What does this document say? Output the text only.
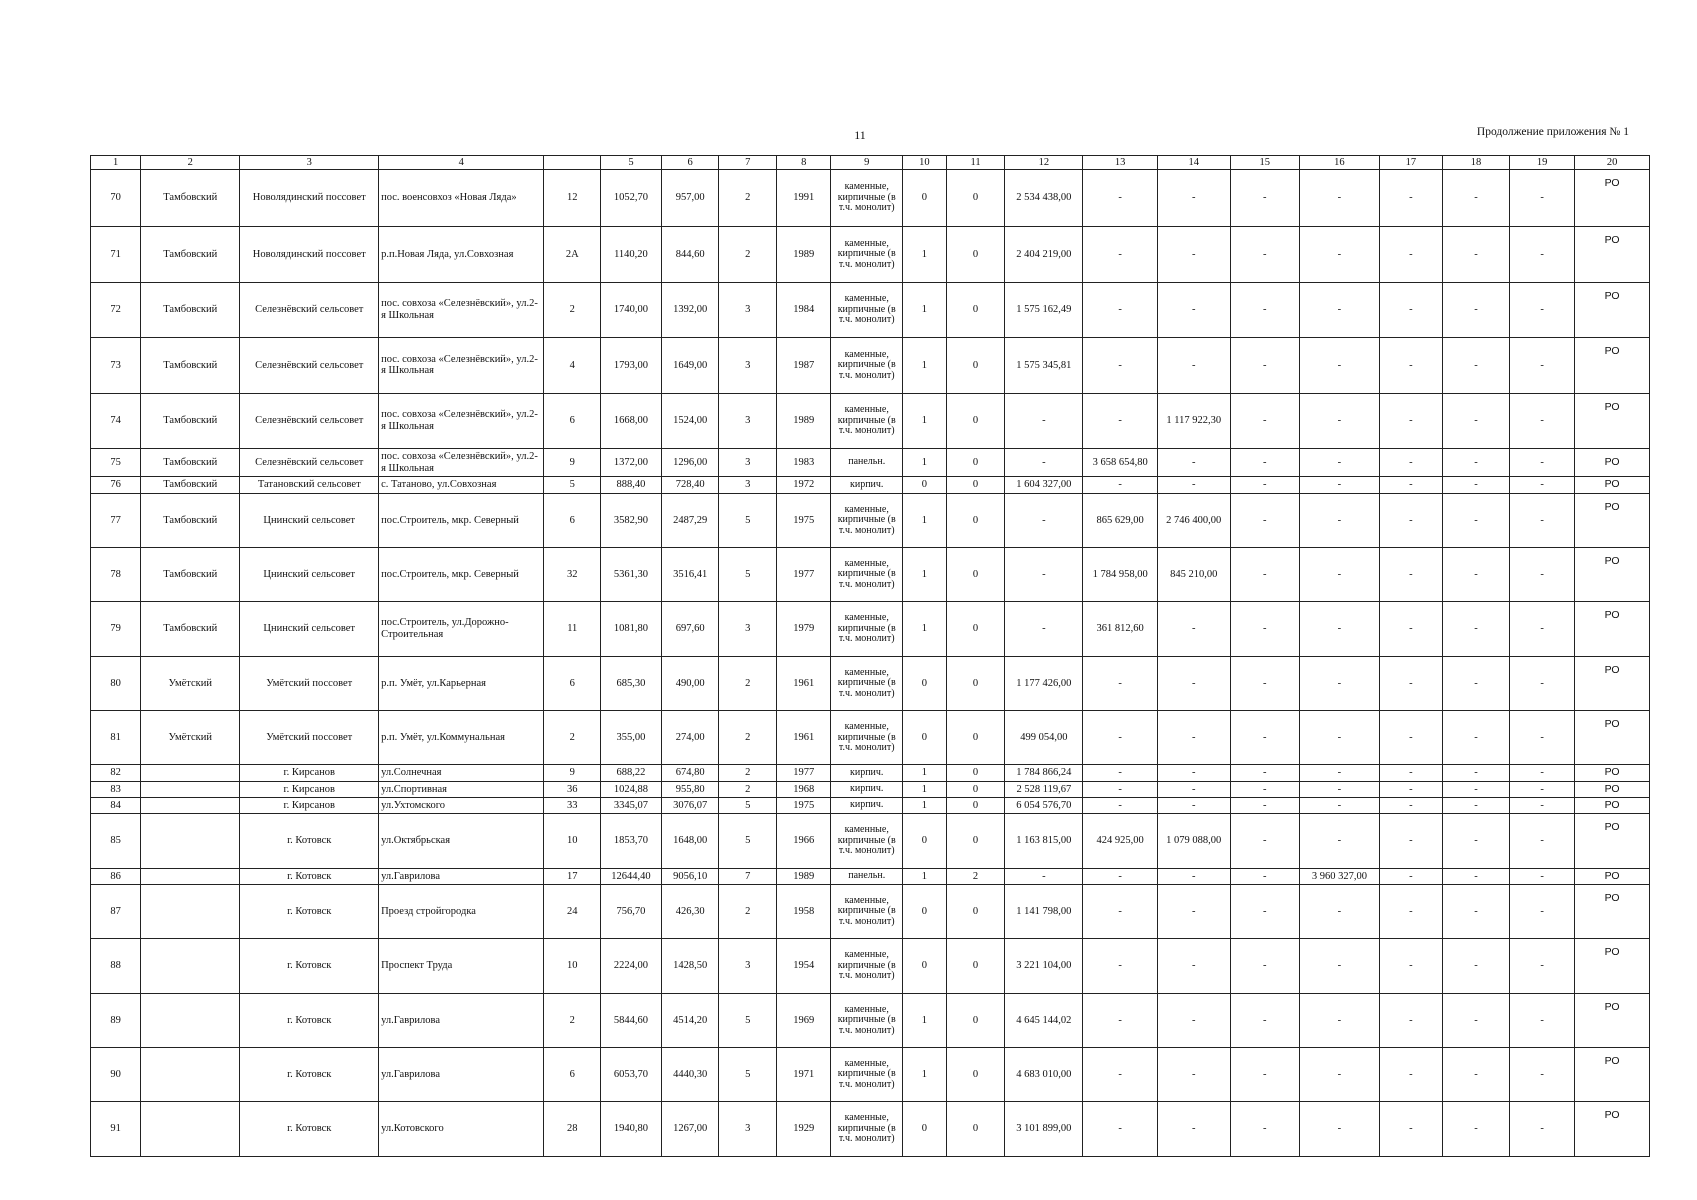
11	Продолжение приложения № 1
1	2	3	4		5	6	7	8	9	10	11	12	13	14	15	16	17	18	19	20
70	Тамбовский	Новолядинский поссовет	пос. военсовхоз «Новая Ляда»	12	1052,70	957,00	2	1991	каменные, кирпичные (в т.ч. монолит)	0	0	2 534 438,00	-	-	-	-	-	-	-	РО
71	Тамбовский	Новолядинский поссовет	р.п.Новая Ляда, ул.Совхозная	2А	1140,20	844,60	2	1989	каменные, кирпичные (в т.ч. монолит)	1	0	2 404 219,00	-	-	-	-	-	-	-	РО
72	Тамбовский	Селезнёвский сельсовет	пос. совхоза «Селезнёвский», ул.2-я Школьная	2	1740,00	1392,00	3	1984	каменные, кирпичные (в т.ч. монолит)	1	0	1 575 162,49	-	-	-	-	-	-	-	РО
73	Тамбовский	Селезнёвский сельсовет	пос. совхоза «Селезнёвский», ул.2-я Школьная	4	1793,00	1649,00	3	1987	каменные, кирпичные (в т.ч. монолит)	1	0	1 575 345,81	-	-	-	-	-	-	-	РО
74	Тамбовский	Селезнёвский сельсовет	пос. совхоза «Селезнёвский», ул.2-я Школьная	6	1668,00	1524,00	3	1989	каменные, кирпичные (в т.ч. монолит)	1	0	-	-	1 117 922,30	-	-	-	-	-	РО
75	Тамбовский	Селезнёвский сельсовет	пос. совхоза «Селезнёвский», ул.2-я Школьная	9	1372,00	1296,00	3	1983	панельн.	1	0	-	3 658 654,80	-	-	-	-	-	-	РО
76	Тамбовский	Татановский сельсовет	с. Татаново, ул.Совхозная	5	888,40	728,40	3	1972	кирпич.	0	0	1 604 327,00	-	-	-	-	-	-	-	РО
77	Тамбовский	Цнинский сельсовет	пос.Строитель, мкр. Северный	6	3582,90	2487,29	5	1975	каменные, кирпичные (в т.ч. монолит)	1	0	-	865 629,00	2 746 400,00	-	-	-	-	-	РО
78	Тамбовский	Цнинский сельсовет	пос.Строитель, мкр. Северный	32	5361,30	3516,41	5	1977	каменные, кирпичные (в т.ч. монолит)	1	0	-	1 784 958,00	845 210,00	-	-	-	-	-	РО
79	Тамбовский	Цнинский сельсовет	пос.Строитель, ул.Дорожно-Строительная	11	1081,80	697,60	3	1979	каменные, кирпичные (в т.ч. монолит)	1	0	-	361 812,60	-	-	-	-	-	-	РО
80	Умётский	Умётский поссовет	р.п. Умёт, ул.Карьерная	6	685,30	490,00	2	1961	каменные, кирпичные (в т.ч. монолит)	0	0	1 177 426,00	-	-	-	-	-	-	-	РО
81	Умётский	Умётский поссовет	р.п. Умёт, ул.Коммунальная	2	355,00	274,00	2	1961	каменные, кирпичные (в т.ч. монолит)	0	0	499 054,00	-	-	-	-	-	-	-	РО
82		г. Кирсанов	ул.Солнечная	9	688,22	674,80	2	1977	кирпич.	1	0	1 784 866,24	-	-	-	-	-	-	-	РО
83		г. Кирсанов	ул.Спортивная	36	1024,88	955,80	2	1968	кирпич.	1	0	2 528 119,67	-	-	-	-	-	-	-	РО
84		г. Кирсанов	ул.Ухтомского	33	3345,07	3076,07	5	1975	кирпич.	1	0	6 054 576,70	-	-	-	-	-	-	-	РО
85		г. Котовск	ул.Октябрьская	10	1853,70	1648,00	5	1966	каменные, кирпичные (в т.ч. монолит)	0	0	1 163 815,00	424 925,00	1 079 088,00	-	-	-	-	-	РО
86		г. Котовск	ул.Гаврилова	17	12644,40	9056,10	7	1989	панельн.	1	2	-	-	-	-	3 960 327,00	-	-	-	РО
87		г. Котовск	Проезд стройгородка	24	756,70	426,30	2	1958	каменные, кирпичные (в т.ч. монолит)	0	0	1 141 798,00	-	-	-	-	-	-	-	РО
88		г. Котовск	Проспект Труда	10	2224,00	1428,50	3	1954	каменные, кирпичные (в т.ч. монолит)	0	0	3 221 104,00	-	-	-	-	-	-	-	РО
89		г. Котовск	ул.Гаврилова	2	5844,60	4514,20	5	1969	каменные, кирпичные (в т.ч. монолит)	1	0	4 645 144,02	-	-	-	-	-	-	-	РО
90		г. Котовск	ул.Гаврилова	6	6053,70	4440,30	5	1971	каменные, кирпичные (в т.ч. монолит)	1	0	4 683 010,00	-	-	-	-	-	-	-	РО
91		г. Котовск	ул.Котовского	28	1940,80	1267,00	3	1929	каменные, кирпичные (в т.ч. монолит)	0	0	3 101 899,00	-	-	-	-	-	-	-	РО
